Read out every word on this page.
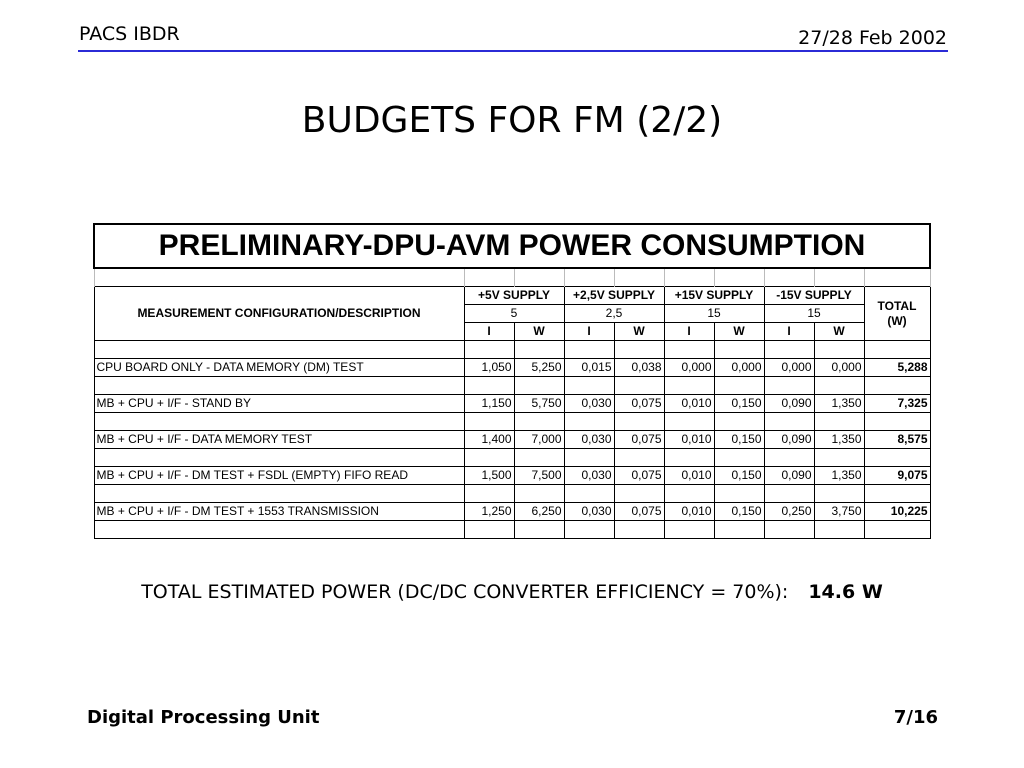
PACS IBDR	27/28 Feb 2002
BUDGETS FOR FM (2/2)
PRELIMINARY-DPU-AVM POWER CONSUMPTION									

MEASUREMENT CONFIGURATION/DESCRIPTION	+5V SUPPLY		+2,5V SUPPLY		+15V SUPPLY		-15V SUPPLY		TOTAL
(W)

	5		2,5		15		15		
	I	W	I	W	I	W	I	W	

CPU BOARD ONLY - DATA MEMORY (DM) TEST	1,050	5,250	0,015	0,038	0,000	0,000	0,000	0,000	5,288

MB + CPU + I/F - STAND BY	1,150	5,750	0,030	0,075	0,010	0,150	0,090	1,350	7,325

MB + CPU + I/F - DATA MEMORY TEST	1,400	7,000	0,030	0,075	0,010	0,150	0,090	1,350	8,575

MB + CPU + I/F - DM TEST + FSDL (EMPTY) FIFO READ	1,500	7,500	0,030	0,075	0,010	0,150	0,090	1,350	9,075

MB + CPU + I/F - DM TEST + 1553 TRANSMISSION	1,250	6,250	0,030	0,075	0,010	0,150	0,250	3,750	10,225

TOTAL ESTIMATED POWER (DC/DC CONVERTER EFFICIENCY = 70%): 14.6 W
Digital Processing Unit	7/16
